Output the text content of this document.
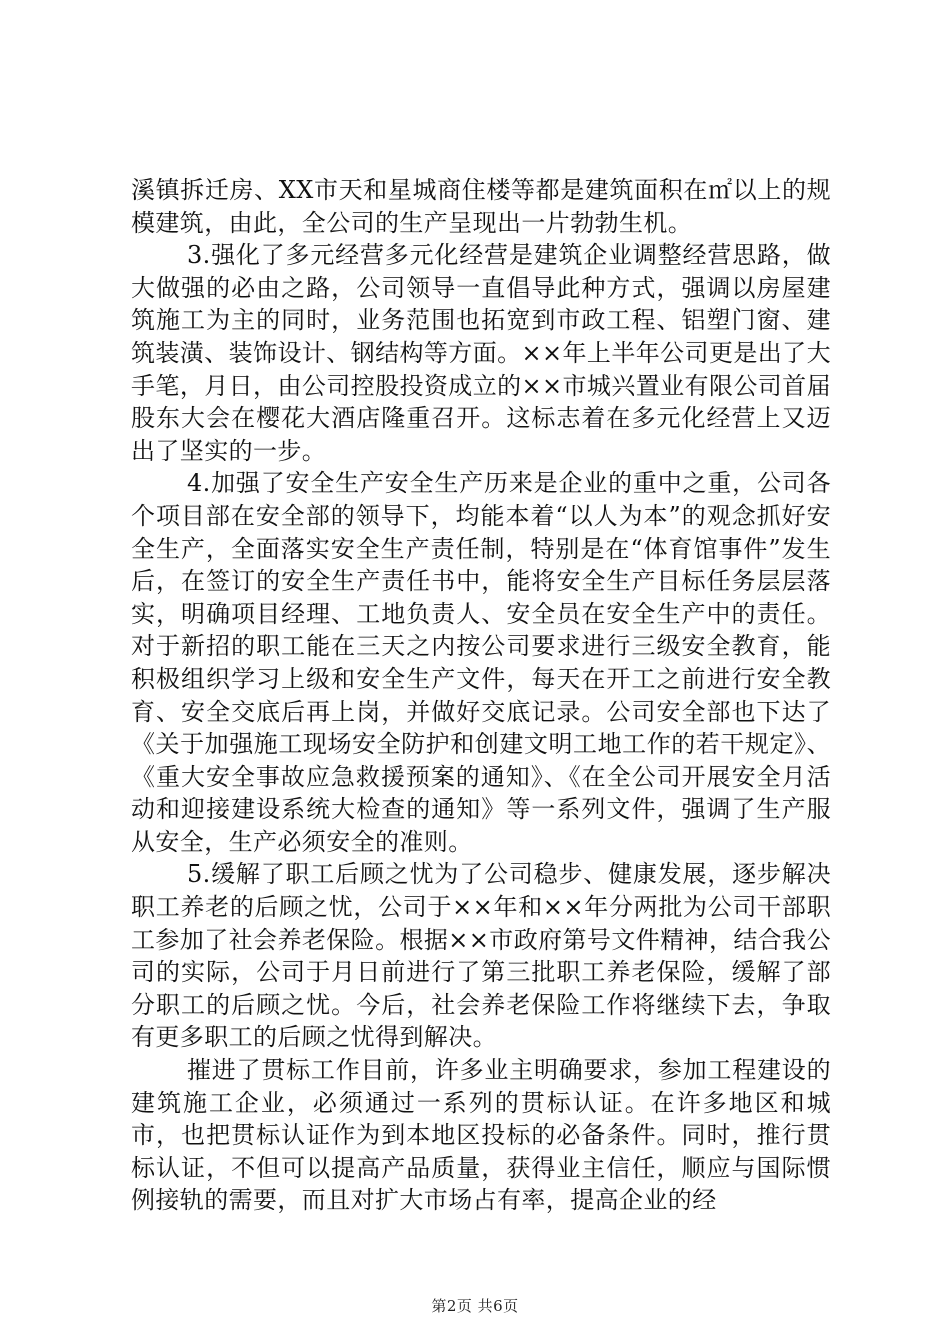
溪镇拆迁房、XX市天和星城商住楼等都是建筑面积在㎡以上的规模建筑，由此，全公司的生产呈现出一片勃勃生机。

3.强化了多元经营多元化经营是建筑企业调整经营思路，做大做强的必由之路，公司领导一直倡导此种方式，强调以房屋建筑施工为主的同时，业务范围也拓宽到市政工程、铝塑门窗、建筑装潢、装饰设计、钢结构等方面。××年上半年公司更是出了大手笔，月日，由公司控股投资成立的××市城兴置业有限公司首届股东大会在樱花大酒店隆重召开。这标志着在多元化经营上又迈出了坚实的一步。

4.加强了安全生产安全生产历来是企业的重中之重，公司各个项目部在安全部的领导下，均能本着“以人为本”的观念抓好安全生产，全面落实安全生产责任制，特别是在“体育馆事件”发生后，在签订的安全生产责任书中，能将安全生产目标任务层层落实，明确项目经理、工地负责人、安全员在安全生产中的责任。对于新招的职工能在三天之内按公司要求进行三级安全教育，能积极组织学习上级和安全生产文件，每天在开工之前进行安全教育、安全交底后再上岗，并做好交底记录。公司安全部也下达了《关于加强施工现场安全防护和创建文明工地工作的若干规定》、《重大安全事故应急救援预案的通知》、《在全公司开展安全月活动和迎接建设系统大检查的通知》等一系列文件，强调了生产服从安全，生产必须安全的准则。

5.缓解了职工后顾之忧为了公司稳步、健康发展，逐步解决职工养老的后顾之忧，公司于××年和××年分两批为公司干部职工参加了社会养老保险。根据××市政府第号文件精神，结合我公司的实际，公司于月日前进行了第三批职工养老保险，缓解了部分职工的后顾之忧。今后，社会养老保险工作将继续下去，争取有更多职工的后顾之忧得到解决。

摧进了贯标工作目前，许多业主明确要求，参加工程建设的建筑施工企业，必须通过一系列的贯标认证。在许多地区和城市，也把贯标认证作为到本地区投标的必备条件。同时，推行贯标认证，不但可以提高产品质量，获得业主信任，顺应与国际惯例接轨的需要，而且对扩大市场占有率，提高企业的经

第2页 共6页
